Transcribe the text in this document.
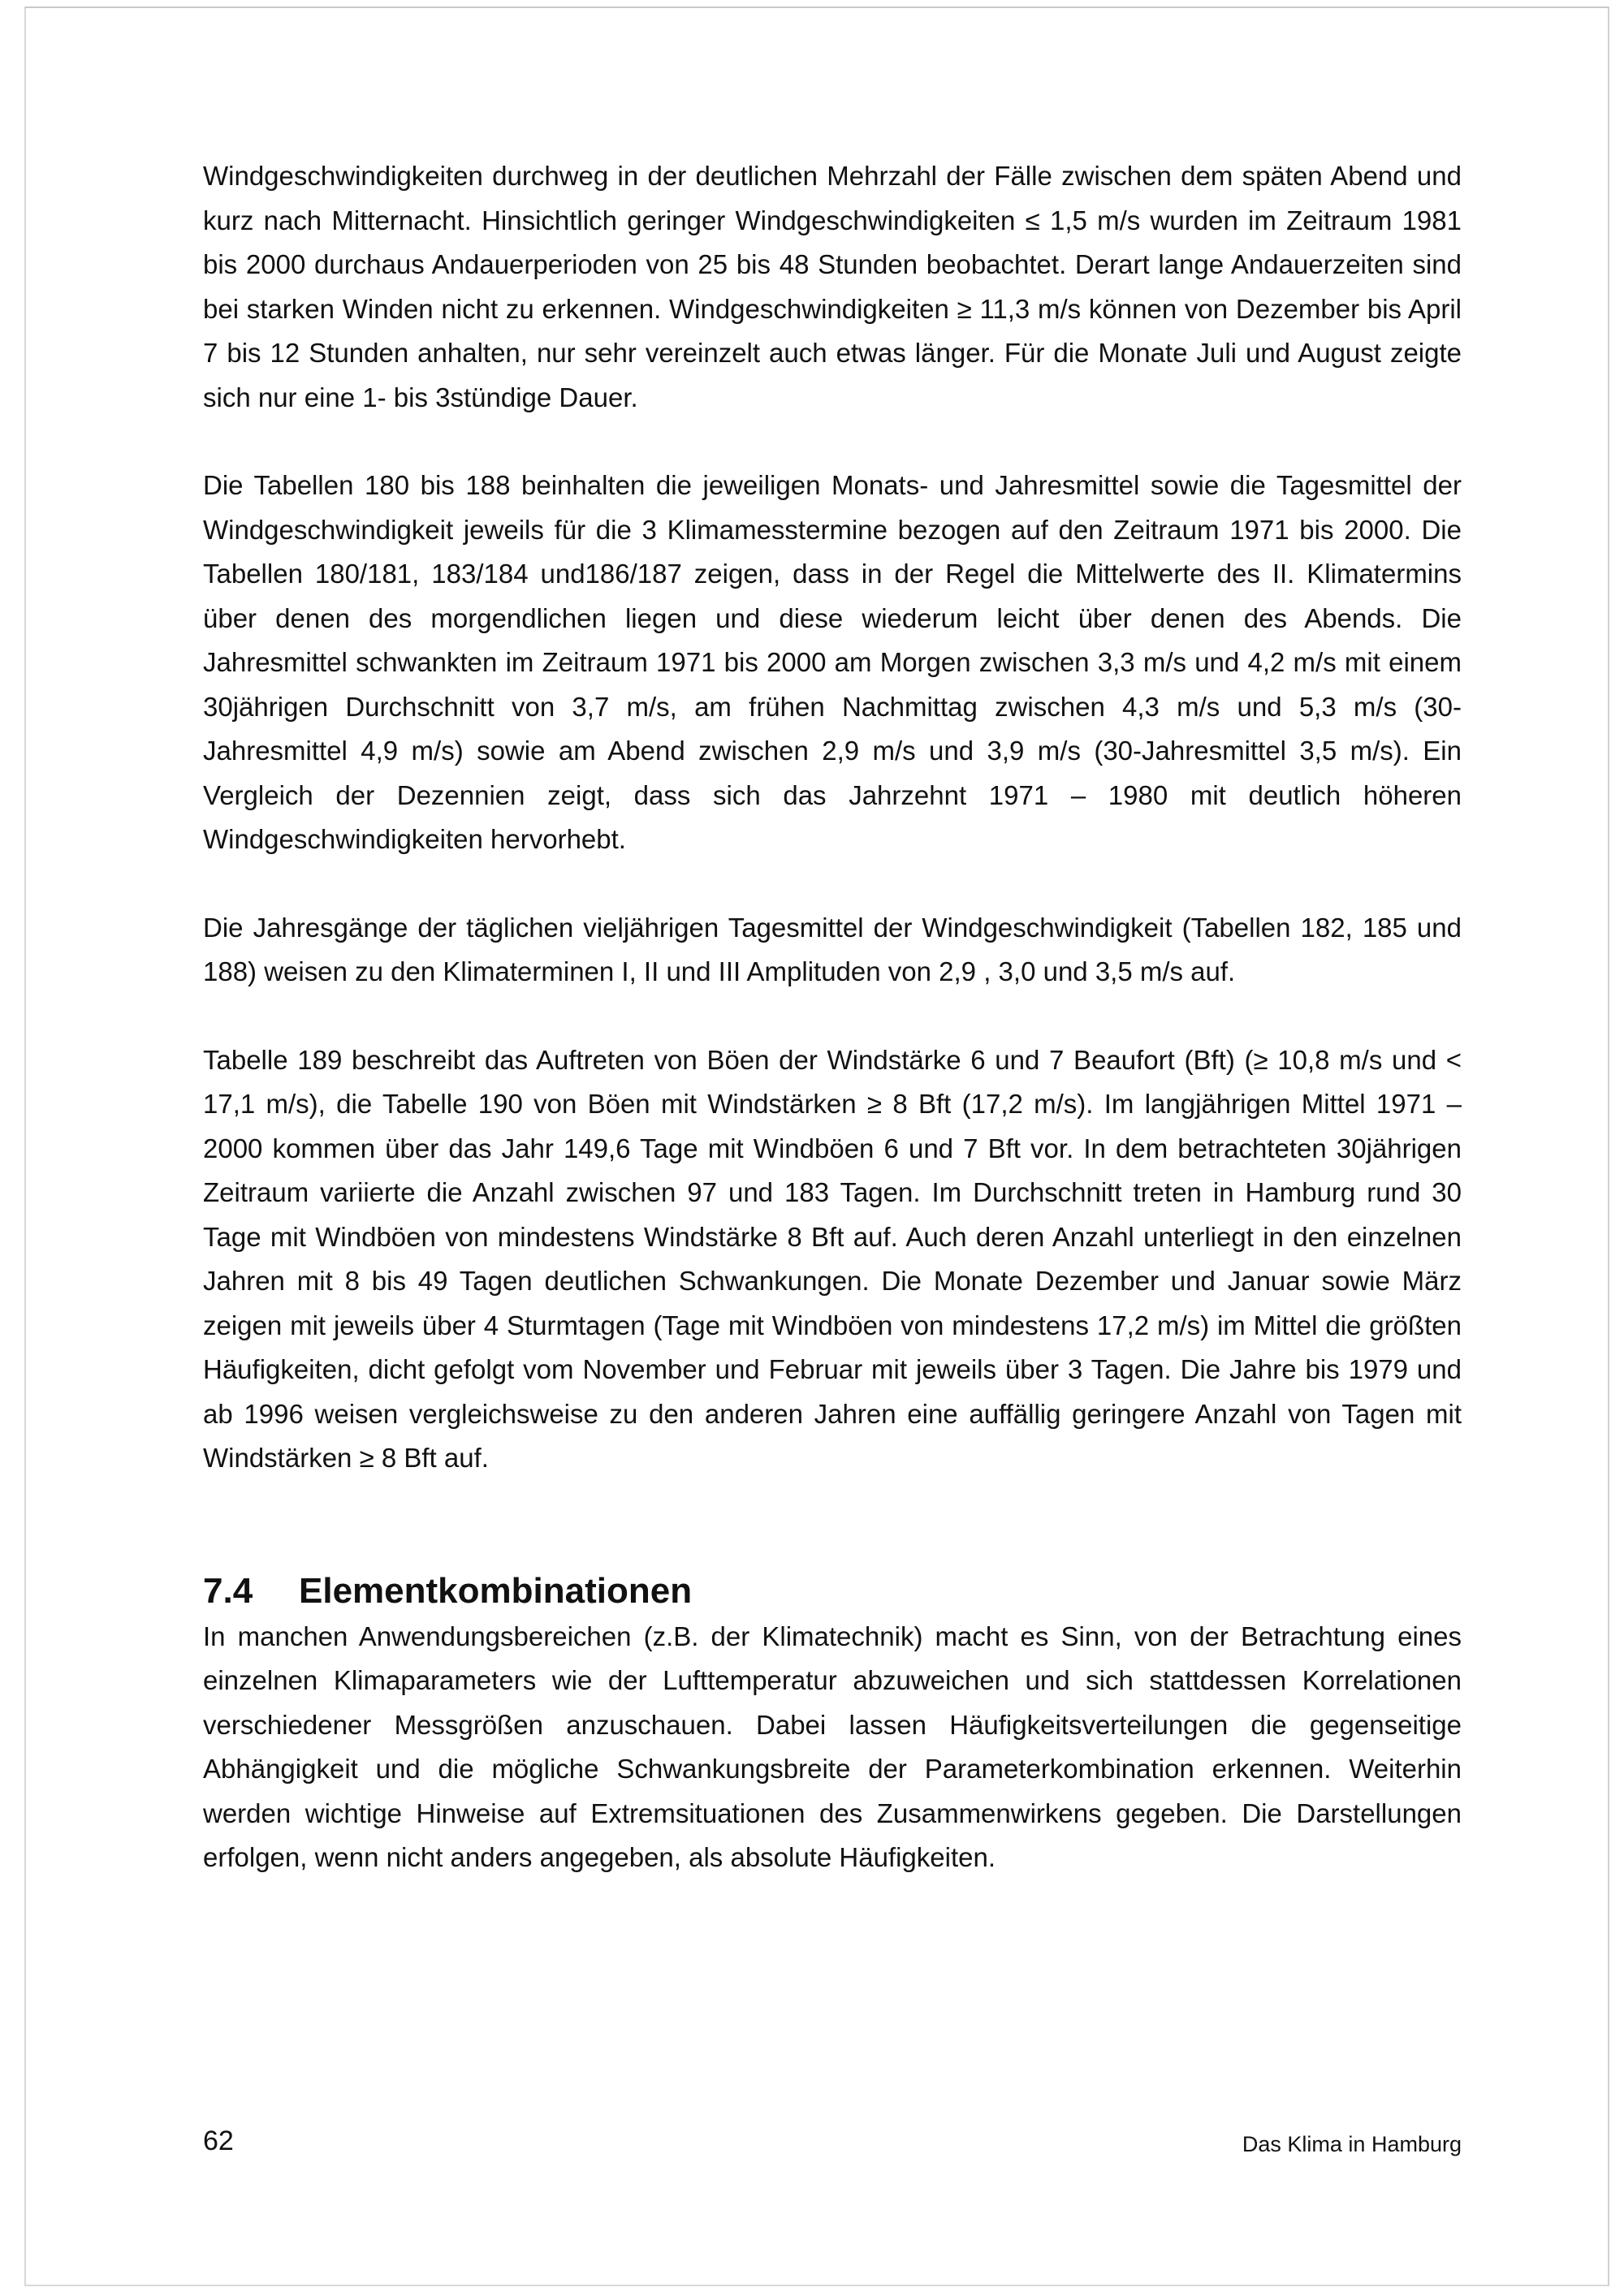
Windgeschwindigkeiten durchweg in der deutlichen Mehrzahl der Fälle zwischen dem späten Abend und kurz nach Mitternacht. Hinsichtlich geringer Windgeschwindigkeiten ≤ 1,5 m/s wurden im Zeitraum 1981 bis 2000 durchaus Andauerperioden von 25 bis 48 Stunden beobachtet. Derart lange Andauerzeiten sind bei starken Winden nicht zu erkennen. Windgeschwindigkeiten ≥ 11,3 m/s können von Dezember bis April 7 bis 12 Stunden anhalten, nur sehr vereinzelt auch etwas länger. Für die Monate Juli und August zeigte sich nur eine 1- bis 3stündige Dauer.

Die Tabellen 180 bis 188 beinhalten die jeweiligen Monats- und Jahresmittel sowie die Tagesmittel der Windgeschwindigkeit jeweils für die 3 Klimamesstermine bezogen auf den Zeitraum 1971 bis 2000. Die Tabellen 180/181, 183/184 und186/187 zeigen, dass in der Regel die Mittelwerte des II. Klimatermins über denen des morgendlichen liegen und diese wiederum leicht über denen des Abends. Die Jahresmittel schwankten im Zeitraum 1971 bis 2000 am Morgen zwischen 3,3 m/s und 4,2 m/s mit einem 30jährigen Durchschnitt von 3,7 m/s, am frühen Nachmittag zwischen 4,3 m/s und 5,3 m/s (30-Jahresmittel 4,9 m/s) sowie am Abend zwischen 2,9 m/s und 3,9 m/s (30-Jahresmittel 3,5 m/s). Ein Vergleich der Dezennien zeigt, dass sich das Jahrzehnt 1971 – 1980 mit deutlich höheren Windgeschwindigkeiten hervorhebt.

Die Jahresgänge der täglichen vieljährigen Tagesmittel der Windgeschwindigkeit (Tabellen 182, 185 und 188) weisen zu den Klimaterminen I, II und III Amplituden von 2,9 , 3,0 und 3,5 m/s auf.

Tabelle 189 beschreibt das Auftreten von Böen der Windstärke 6 und 7 Beaufort (Bft) (≥ 10,8 m/s und < 17,1 m/s), die Tabelle 190 von Böen mit Windstärken ≥ 8 Bft (17,2 m/s). Im langjährigen Mittel 1971 – 2000 kommen über das Jahr 149,6 Tage mit Windböen 6 und 7 Bft vor. In dem betrachteten 30jährigen Zeitraum variierte die Anzahl zwischen 97 und 183 Tagen. Im Durchschnitt treten in Hamburg rund 30 Tage mit Windböen von mindestens Windstärke 8 Bft auf. Auch deren Anzahl unterliegt in den einzelnen Jahren mit 8 bis 49 Tagen deutlichen Schwankungen. Die Monate Dezember und Januar sowie März zeigen mit jeweils über 4 Sturmtagen (Tage mit Windböen von mindestens 17,2 m/s) im Mittel die größten Häufigkeiten, dicht gefolgt vom November und Februar mit jeweils über 3 Tagen. Die Jahre bis 1979 und ab 1996 weisen vergleichsweise zu den anderen Jahren eine auffällig geringere Anzahl von Tagen mit Windstärken ≥ 8 Bft auf.

7.4 Elementkombinationen

In manchen Anwendungsbereichen (z.B. der Klimatechnik) macht es Sinn, von der Betrachtung eines einzelnen Klimaparameters wie der Lufttemperatur abzuweichen und sich stattdessen Korrelationen verschiedener Messgrößen anzuschauen. Dabei lassen Häufigkeitsverteilungen die gegenseitige Abhängigkeit und die mögliche Schwankungsbreite der Parameterkombination erkennen. Weiterhin werden wichtige Hinweise auf Extremsituationen des Zusammenwirkens gegeben. Die Darstellungen erfolgen, wenn nicht anders angegeben, als absolute Häufigkeiten.

62	Das Klima in Hamburg
